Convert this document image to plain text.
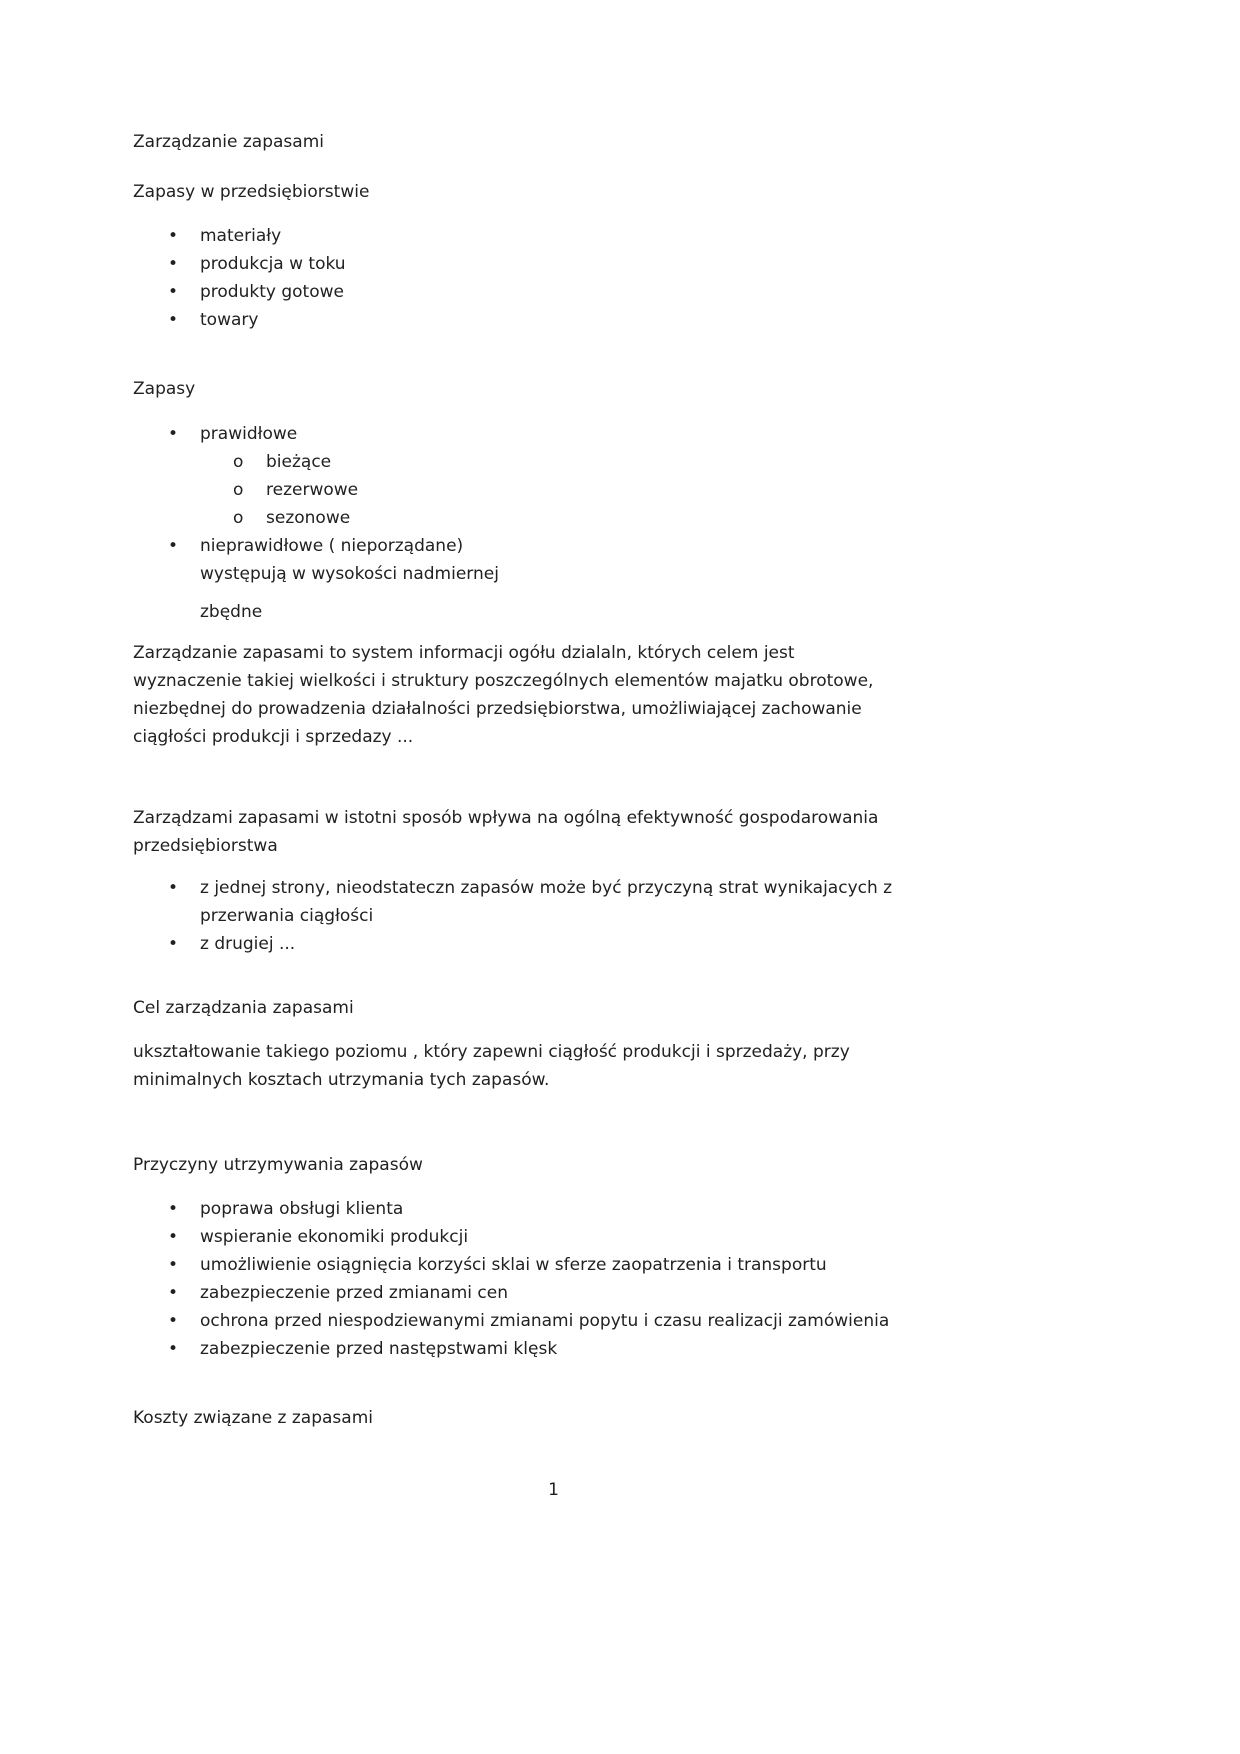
Zarządzanie zapasami

Zapasy w przedsiębiorstwie

• materiały
• produkcja w toku
• produkty gotowe
• towary

Zapasy

• prawidłowe
o bieżące
o rezerwowe
o sezonowe
• nieprawidłowe ( nieporządane)
występują w wysokości nadmiernej
zbędne
Zarządzanie zapasami to system informacji ogółu dzialaln, których celem jest
wyznaczenie takiej wielkości i struktury poszczególnych elementów majatku obrotowe,
niezbędnej do prowadzenia działalności przedsiębiorstwa, umożliwiającej zachowanie
ciągłości produkcji i sprzedazy ...
Zarządzami zapasami w istotni sposób wpływa na ogólną efektywność gospodarowania
przedsiębiorstwa
• z jednej strony, nieodstateczn zapasów może być przyczyną strat wynikajacych z
przerwania ciągłości
• z drugiej ...

Cel zarządzania zapasami

ukształtowanie takiego poziomu , który zapewni ciągłość produkcji i sprzedaży, przy
minimalnych kosztach utrzymania tych zapasów.

Przyczyny utrzymywania zapasów

• poprawa obsługi klienta
• wspieranie ekonomiki produkcji
• umożliwienie osiągnięcia korzyści sklai w sferze zaopatrzenia i transportu
• zabezpieczenie przed zmianami cen
• ochrona przed niespodziewanymi zmianami popytu i czasu realizacji zamówienia
• zabezpieczenie przed następstwami klęsk

Koszty związane z zapasami

1
